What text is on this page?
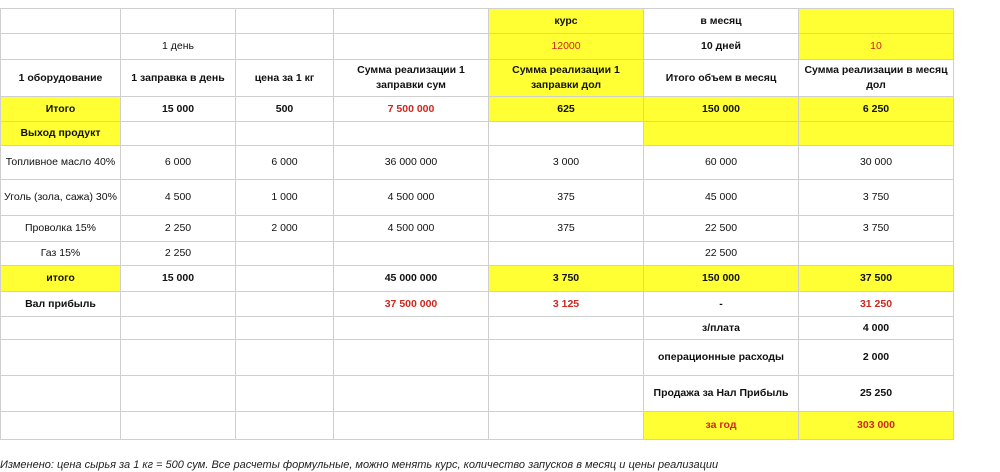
				курс	в месяц	
	1 день			12000	10 дней	10
1 оборудование	1 заправка в день	цена за 1 кг	Сумма реализации 1 заправки сум	Сумма реализации 1 заправки дол	Итого объем в месяц	Сумма реализации в месяц дол
Итого	15 000	500	7 500 000	625	150 000	6 250
Выход продукт						
Топливное масло 40%	6 000	6 000	36 000 000	3 000	60 000	30 000
Уголь (зола, сажа) 30%	4 500	1 000	4 500 000	375	45 000	3 750
Проволка 15%	2 250	2 000	4 500 000	375	22 500	3 750
Газ 15%	2 250				22 500	
итого	15 000		45 000 000	3 750	150 000	37 500
Вал прибыль			37 500 000	3 125	-	31 250
					з/плата	4 000
					операционные расходы	2 000
					Продажа за Нал Прибыль	25 250
					за год	303 000
Изменено: цена сырья за 1 кг = 500 сум. Все расчеты формульные, можно менять курс, количество запусков в месяц и цены реализации
